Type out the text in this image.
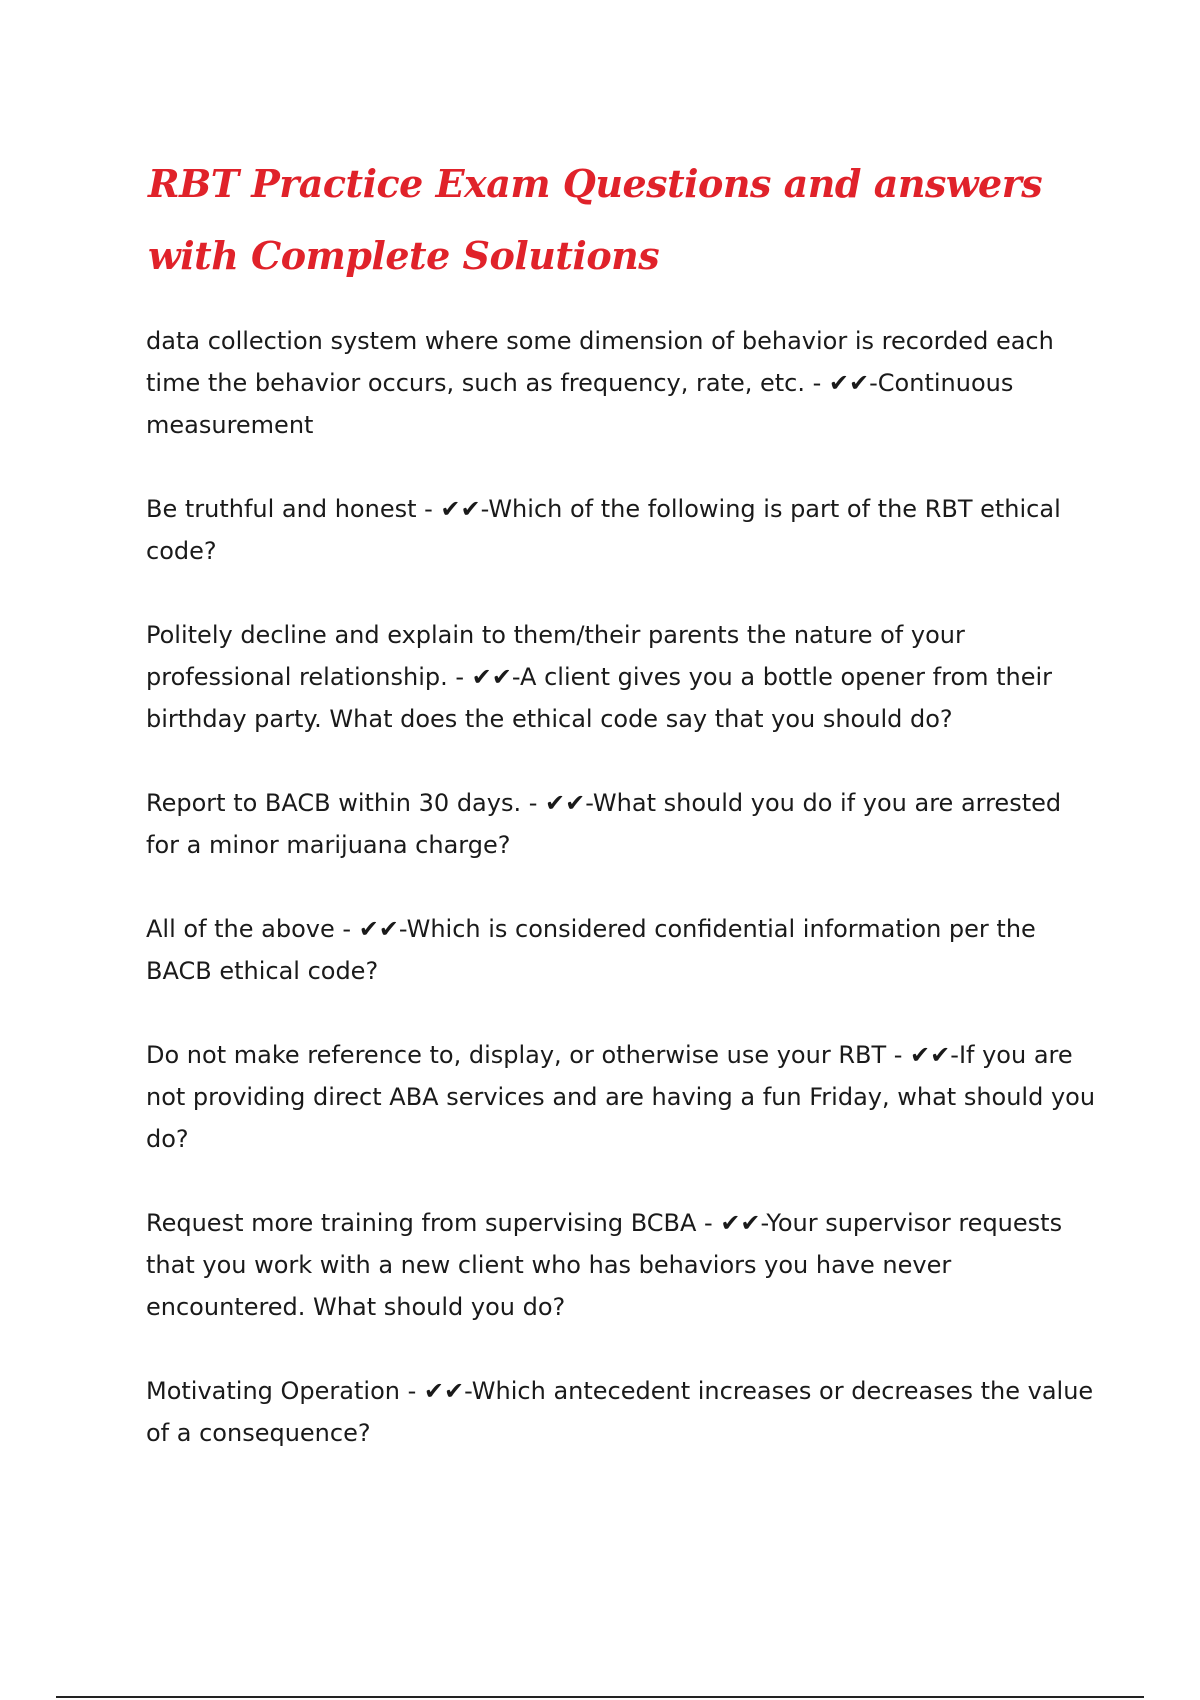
RBT Practice Exam Questions and answers with Complete Solutions

data collection system where some dimension of behavior is recorded each time the behavior occurs, such as frequency, rate, etc. - ✔✔-Continuous measurement

Be truthful and honest - ✔✔-Which of the following is part of the RBT ethical code?

Politely decline and explain to them/their parents the nature of your professional relationship. - ✔✔-A client gives you a bottle opener from their birthday party. What does the ethical code say that you should do?

Report to BACB within 30 days. - ✔✔-What should you do if you are arrested for a minor marijuana charge?

All of the above - ✔✔-Which is considered confidential information per the BACB ethical code?

Do not make reference to, display, or otherwise use your RBT - ✔✔-If you are not providing direct ABA services and are having a fun Friday, what should you do?

Request more training from supervising BCBA - ✔✔-Your supervisor requests that you work with a new client who has behaviors you have never encountered. What should you do?

Motivating Operation - ✔✔-Which antecedent increases or decreases the value of a consequence?
